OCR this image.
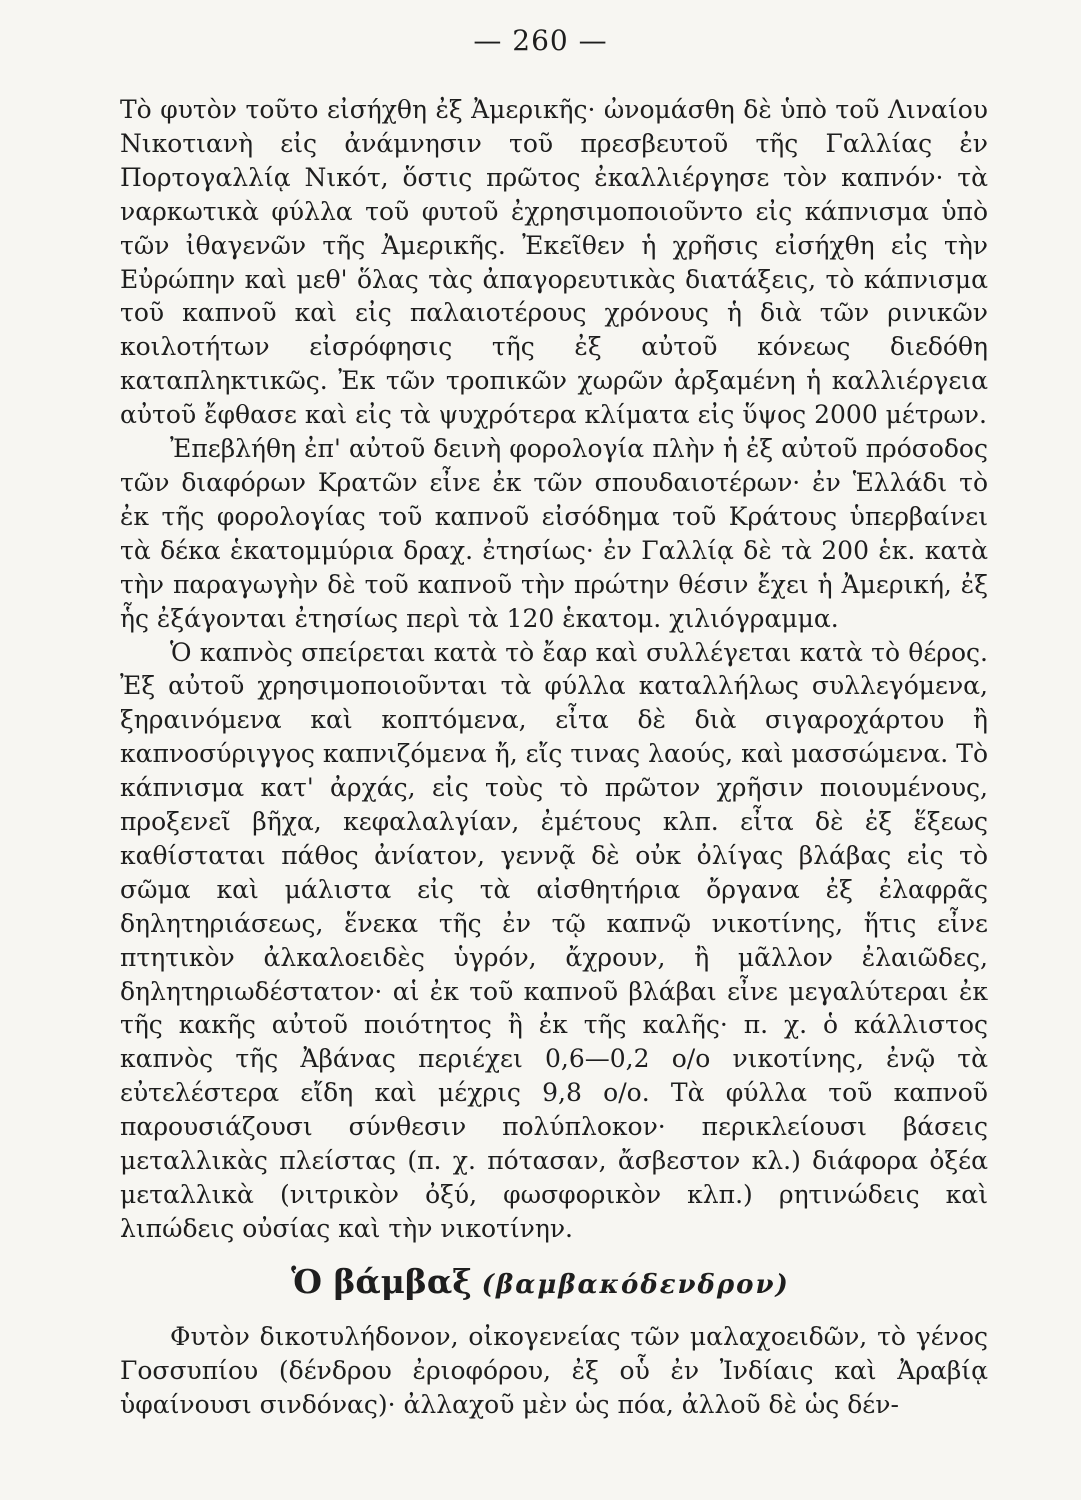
— 260 —

Τὸ φυτὸν τοῦτο εἰσήχθη ἐξ Ἀμερικῆς· ὠνομάσθη δὲ ὑπὸ τοῦ Λιναίου Νικοτιανὴ εἰς ἀνάμνησιν τοῦ πρεσβευτοῦ τῆς Γαλλίας ἐν Πορτογαλλίᾳ Νικότ, ὅστις πρῶτος ἐκαλλιέργησε τὸν καπνόν· τὰ ναρκωτικὰ φύλλα τοῦ φυτοῦ ἐχρησιμοποιοῦντο εἰς κάπνισμα ὑπὸ τῶν ἰθαγενῶν τῆς Ἀμερικῆς. Ἐκεῖθεν ἡ χρῆσις εἰσήχθη εἰς τὴν Εὐρώπην καὶ μεθ' ὅλας τὰς ἀπαγορευτικὰς διατάξεις, τὸ κάπνισμα τοῦ καπνοῦ καὶ εἰς παλαιοτέρους χρόνους ἡ διὰ τῶν ρινικῶν κοιλοτήτων εἰσρόφησις τῆς ἐξ αὐτοῦ κόνεως διεδόθη καταπληκτικῶς. Ἐκ τῶν τροπικῶν χωρῶν ἀρξαμένη ἡ καλλιέργεια αὐτοῦ ἔφθασε καὶ εἰς τὰ ψυχρότερα κλίματα εἰς ὕψος 2000 μέτρων.

Ἐπεβλήθη ἐπ' αὐτοῦ δεινὴ φορολογία πλὴν ἡ ἐξ αὐτοῦ πρόσοδος τῶν διαφόρων Κρατῶν εἶνε ἐκ τῶν σπουδαιοτέρων· ἐν Ἑλλάδι τὸ ἐκ τῆς φορολογίας τοῦ καπνοῦ εἰσόδημα τοῦ Κράτους ὑπερβαίνει τὰ δέκα ἑκατομμύρια δραχ. ἐτησίως· ἐν Γαλλίᾳ δὲ τὰ 200 ἑκ. κατὰ τὴν παραγωγὴν δὲ τοῦ καπνοῦ τὴν πρώτην θέσιν ἔχει ἡ Ἀμερική, ἐξ ἧς ἐξάγονται ἐτησίως περὶ τὰ 120 ἑκατομ. χιλιόγραμμα.

Ὁ καπνὸς σπείρεται κατὰ τὸ ἔαρ καὶ συλλέγεται κατὰ τὸ θέρος. Ἐξ αὐτοῦ χρησιμοποιοῦνται τὰ φύλλα καταλλήλως συλλεγόμενα, ξηραινόμενα καὶ κοπτόμενα, εἶτα δὲ διὰ σιγαροχάρτου ἢ καπνοσύριγγος καπνιζόμενα ἤ, εἴς τινας λαούς, καὶ μασσώμενα. Τὸ κάπνισμα κατ' ἀρχάς, εἰς τοὺς τὸ πρῶτον χρῆσιν ποιουμένους, προξενεῖ βῆχα, κεφαλαλγίαν, ἐμέτους κλπ. εἶτα δὲ ἐξ ἕξεως καθίσταται πάθος ἀνίατον, γεννᾷ δὲ οὐκ ὀλίγας βλάβας εἰς τὸ σῶμα καὶ μάλιστα εἰς τὰ αἰσθητήρια ὄργανα ἐξ ἐλαφρᾶς δηλητηριάσεως, ἕνεκα τῆς ἐν τῷ καπνῷ νικοτίνης, ἥτις εἶνε πτητικὸν ἀλκαλοειδὲς ὑγρόν, ἄχρουν, ἢ μᾶλλον ἐλαιῶδες, δηλητηριωδέστατον· αἱ ἐκ τοῦ καπνοῦ βλάβαι εἶνε μεγαλύτεραι ἐκ τῆς κακῆς αὐτοῦ ποιότητος ἢ ἐκ τῆς καλῆς· π. χ. ὁ κάλλιστος καπνὸς τῆς Ἀβάνας περιέχει 0,6—0,2 ο/ο νικοτίνης, ἐνῷ τὰ εὐτελέστερα εἴδη καὶ μέχρις 9,8 ο/ο. Τὰ φύλλα τοῦ καπνοῦ παρουσιάζουσι σύνθεσιν πολύπλοκον· περικλείουσι βάσεις μεταλλικὰς πλείστας (π. χ. πότασαν, ἄσβεστον κλ.) διάφορα ὀξέα μεταλλικὰ (νιτρικὸν ὀξύ, φωσφορικὸν κλπ.) ρητινώδεις καὶ λιπώδεις οὐσίας καὶ τὴν νικοτίνην.

Ὁ βάμβαξ (βαμβακόδενδρον)

Φυτὸν δικοτυλήδονον, οἰκογενείας τῶν μαλαχοειδῶν, τὸ γένος Γοσσυπίου (δένδρου ἐριοφόρου, ἐξ οὗ ἐν Ἰνδίαις καὶ Ἀραβίᾳ ὑφαίνουσι σινδόνας)· ἀλλαχοῦ μὲν ὡς πόα, ἀλλοῦ δὲ ὡς δέν-
